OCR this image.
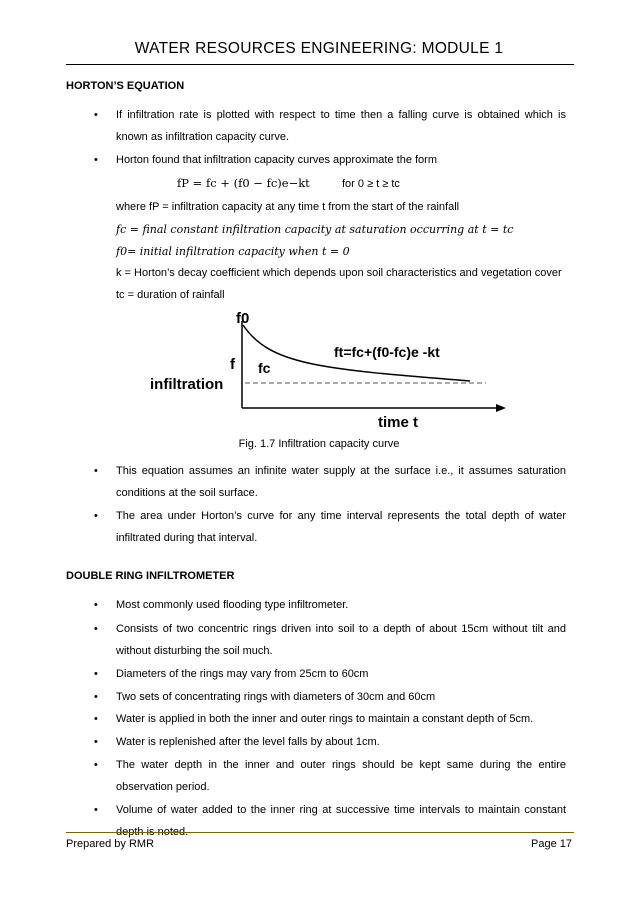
WATER RESOURCES ENGINEERING: MODULE 1
HORTON’S EQUATION
• If infiltration rate is plotted with respect to time then a falling curve is obtained which is known as infiltration capacity curve.
• Horton found that infiltration capacity curves approximate the form
fP = fc + (f0 − fc)e−kt	for 0 ≥ t ≥ tc
where fP = infiltration capacity at any time t from the start of the rainfall
fc = final constant infiltration capacity at saturation occurring at t = tc
f0= initial infiltration capacity when t = 0
k = Horton’s decay coefficient which depends upon soil characteristics and vegetation cover
tc = duration of rainfall
f0
f
infiltration
fc
ft=fc+(f0-fc)e -kt
time t
Fig. 1.7 Infiltration capacity curve
• This equation assumes an infinite water supply at the surface i.e., it assumes saturation conditions at the soil surface.
• The area under Horton’s curve for any time interval represents the total depth of water infiltrated during that interval.
DOUBLE RING INFILTROMETER
• Most commonly used flooding type infiltrometer.
• Consists of two concentric rings driven into soil to a depth of about 15cm without tilt and without disturbing the soil much.
• Diameters of the rings may vary from 25cm to 60cm
• Two sets of concentrating rings with diameters of 30cm and 60cm
• Water is applied in both the inner and outer rings to maintain a constant depth of 5cm.
• Water is replenished after the level falls by about 1cm.
• The water depth in the inner and outer rings should be kept same during the entire observation period.
• Volume of water added to the inner ring at successive time intervals to maintain constant depth is noted.
Prepared by RMR	Page 17
